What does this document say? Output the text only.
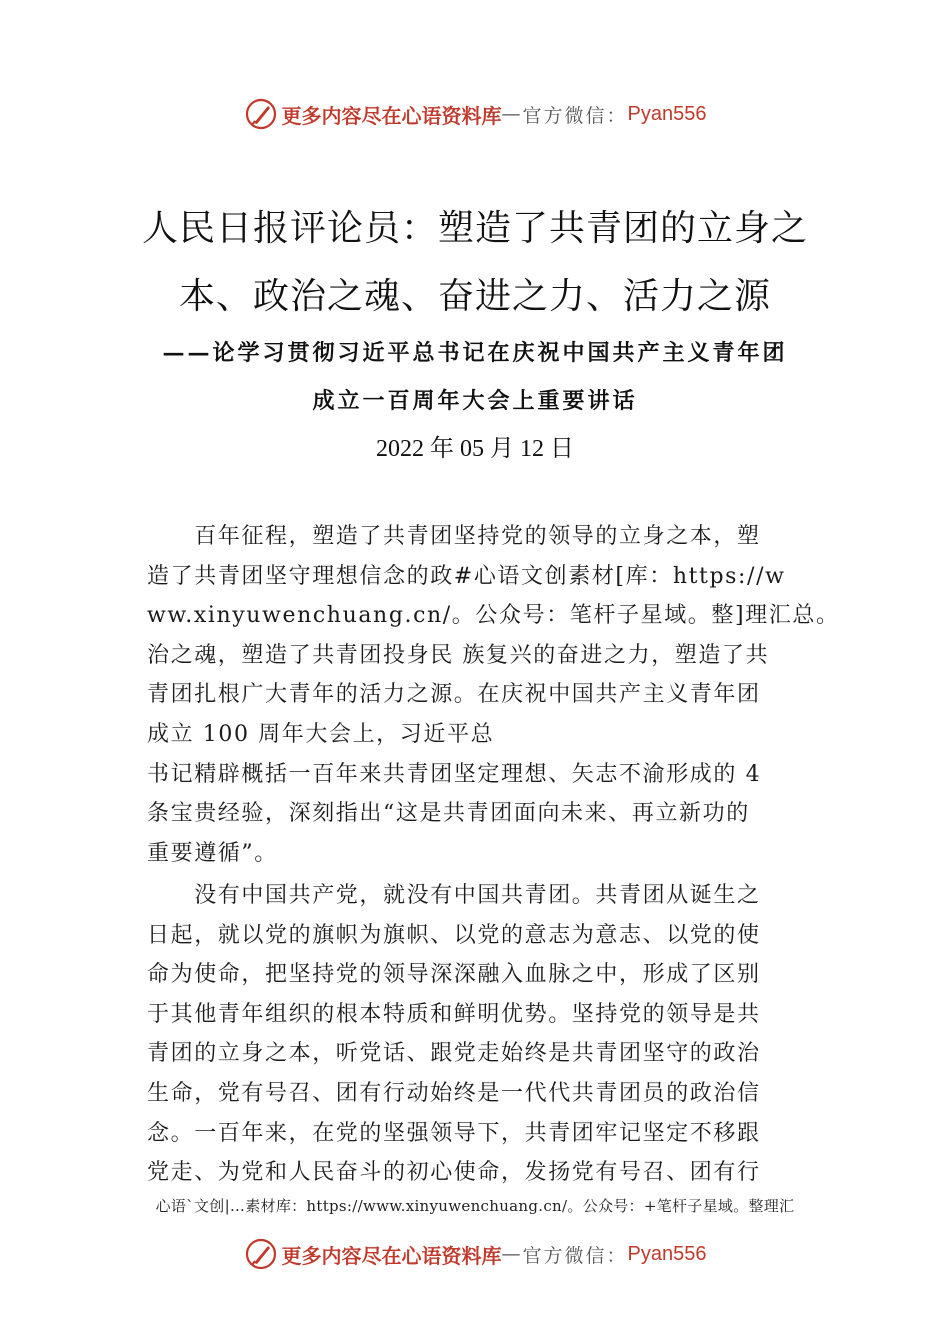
更多内容尽在心语资料库 — 官方微信： Pyan556
人民日报评论员：塑造了共青团的立身之
本、政治之魂、奋进之力、活力之源
——论学习贯彻习近平总书记在庆祝中国共产主义青年团
成立一百周年大会上重要讲话
2022 年 05 月 12 日
　　百年征程，塑造了共青团坚持党的领导的立身之本，塑
造了共青团坚守理想信念的政#心语文创素材[库：https://w
ww.xinyuwenchuang.cn/。公众号：笔杆子星域。整]理汇总。
治之魂，塑造了共青团投身民 族复兴的奋进之力，塑造了共
青团扎根广大青年的活力之源。在庆祝中国共产主义青年团
成立 100 周年大会上，习近平总
书记精辟概括一百年来共青团坚定理想、矢志不渝形成的 4
条宝贵经验，深刻指出“这是共青团面向未来、再立新功的
重要遵循”。
　　没有中国共产党，就没有中国共青团。共青团从诞生之
日起，就以党的旗帜为旗帜、以党的意志为意志、以党的使
命为使命，把坚持党的领导深深融入血脉之中，形成了区别
于其他青年组织的根本特质和鲜明优势。坚持党的领导是共
青团的立身之本，听党话、跟党走始终是共青团坚守的政治
生命，党有号召、团有行动始终是一代代共青团员的政治信
念。一百年来，在党的坚强领导下，共青团牢记坚定不移跟
党走、为党和人民奋斗的初心使命，发扬党有号召、团有行
心语`文创|…素材库：https://www.xinyuwenchuang.cn/。公众号：+笔杆子星域。整理汇
更多内容尽在心语资料库 — 官方微信： Pyan556
